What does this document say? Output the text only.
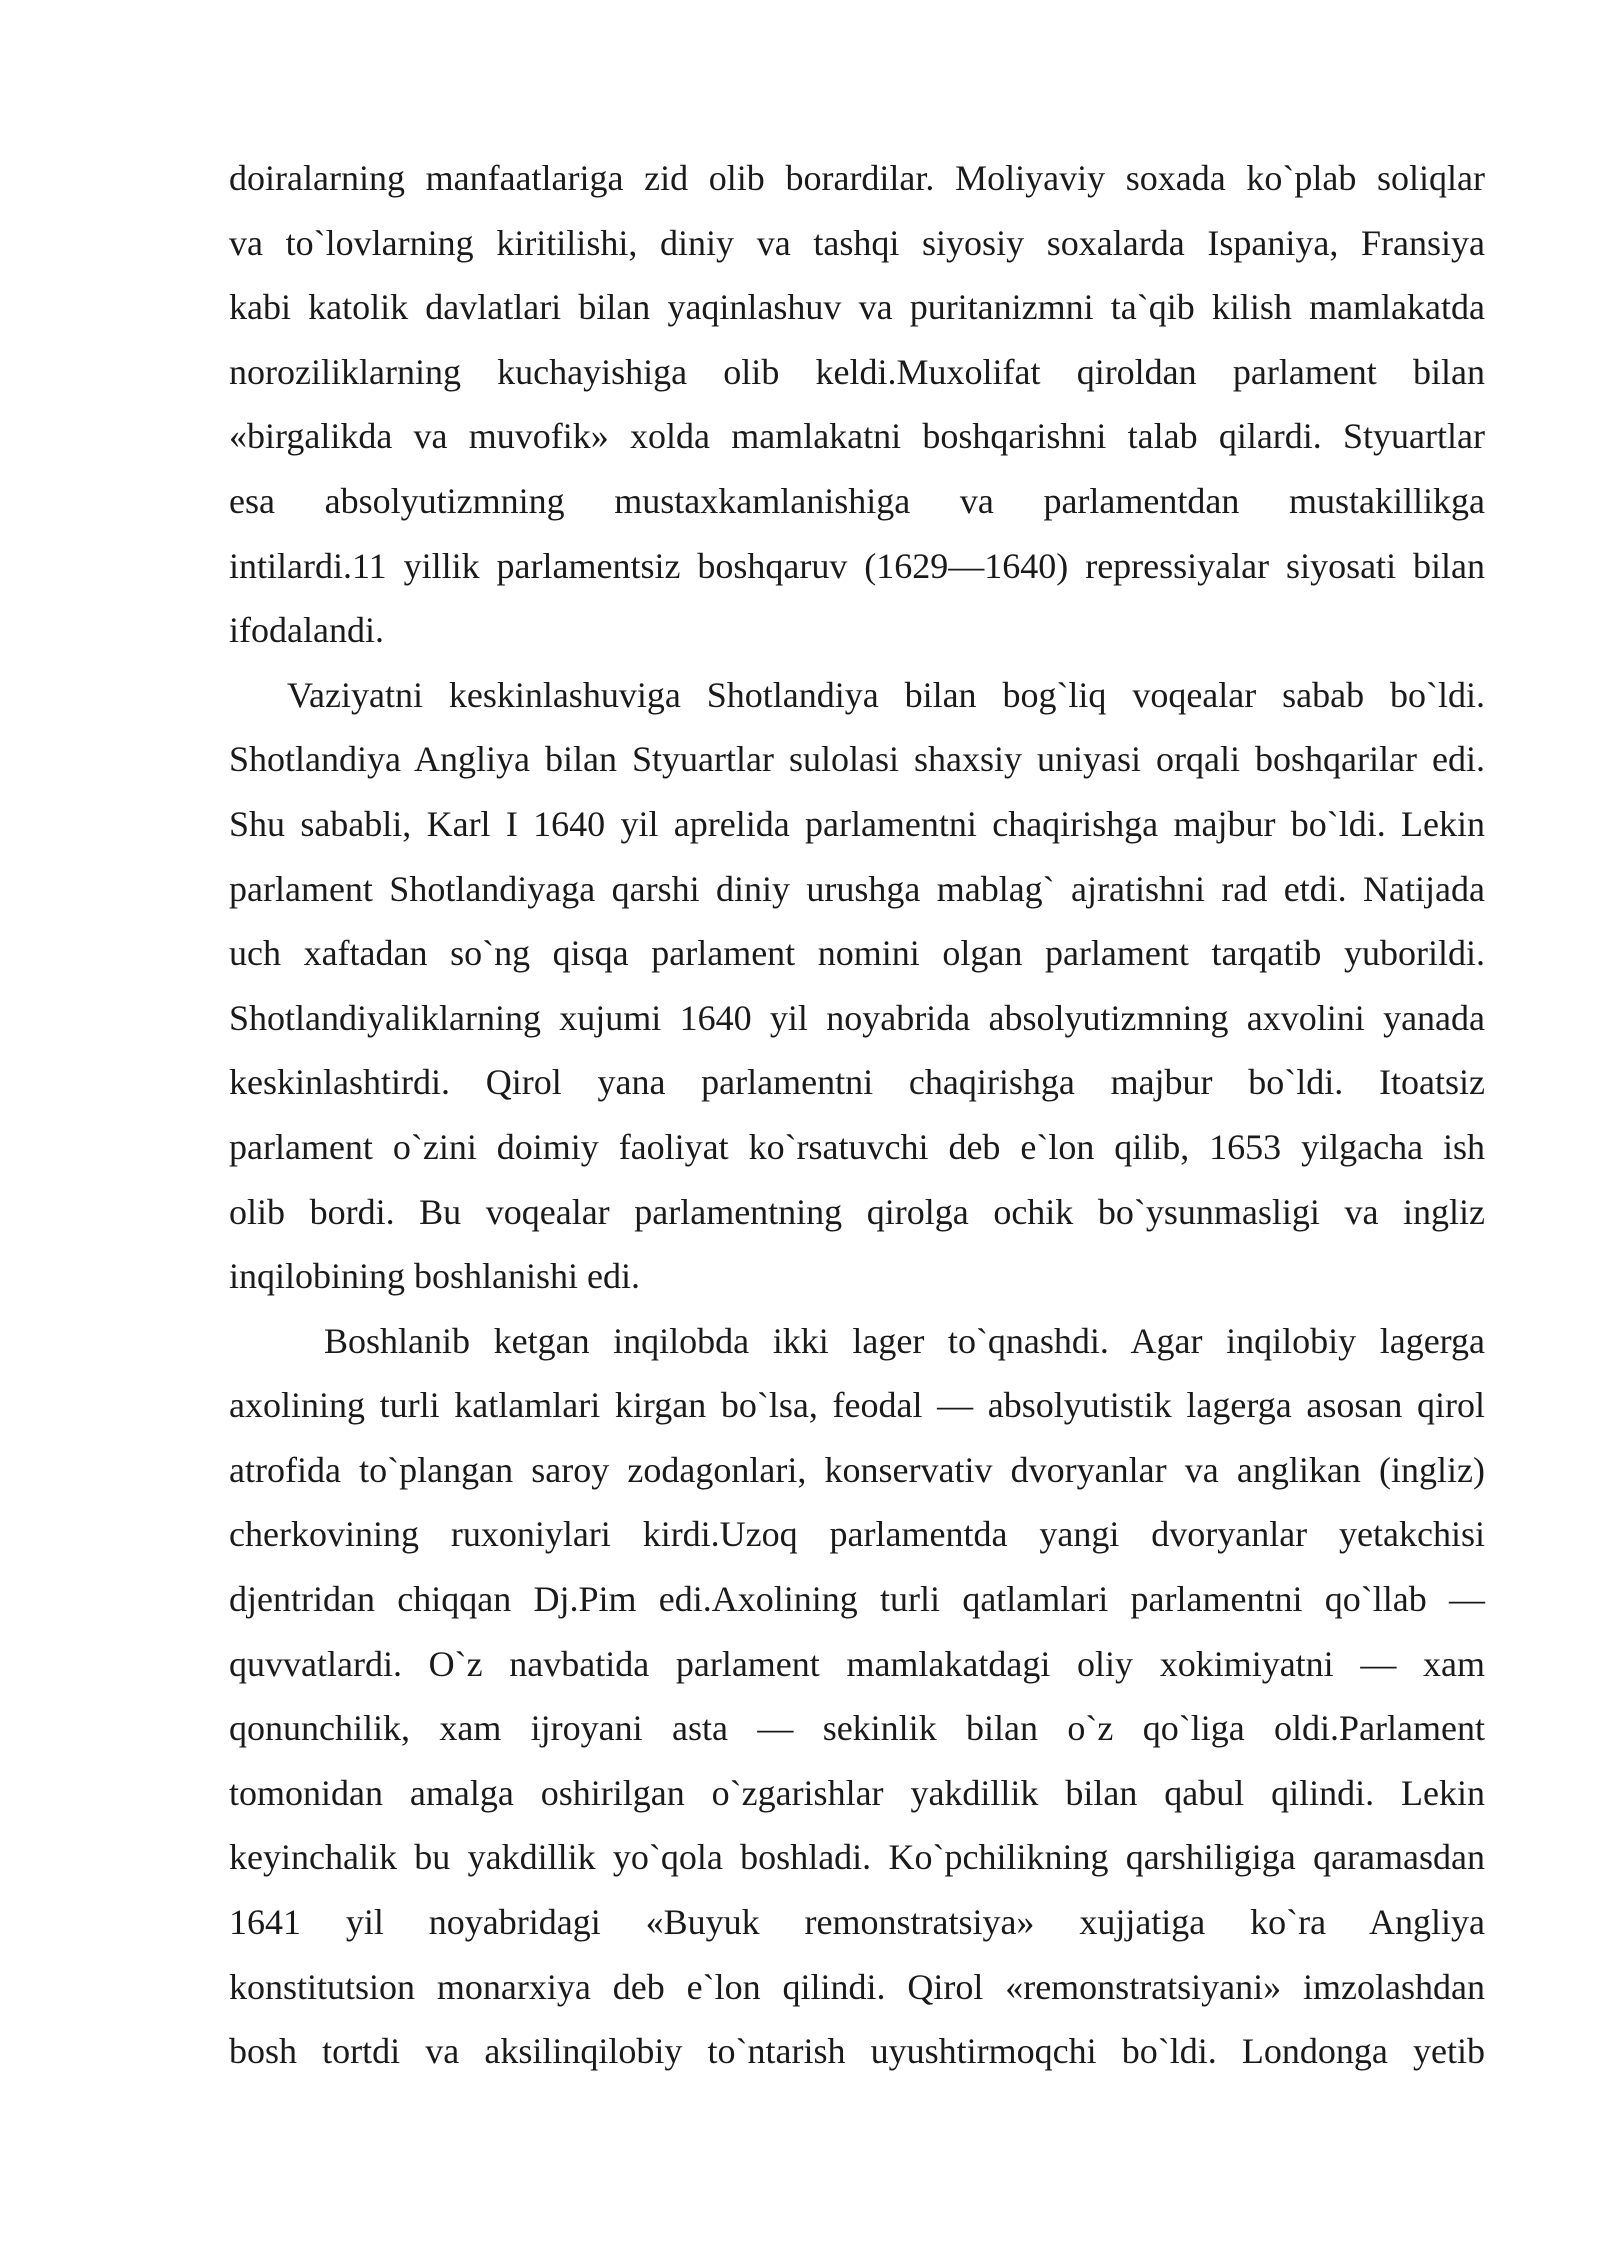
doiralarning manfaatlariga zid olib borardilar. Moliyaviy soxada ko`plab soliqlar
va to`lovlarning kiritilishi, diniy va tashqi siyosiy soxalarda Ispaniya, Fransiya
kabi katolik davlatlari bilan yaqinlashuv va puritanizmni ta`qib kilish mamlakatda
noroziliklarning kuchayishiga olib keldi.Muxolifat qiroldan parlament bilan
«birgalikda va muvofik» xolda mamlakatni boshqarishni talab qilardi. Styuartlar
esa absolyutizmning mustaxkamlanishiga va parlamentdan mustakillikga
intilardi.11 yillik parlamentsiz boshqaruv (1629—1640) repressiyalar siyosati bilan
ifodalandi.
Vaziyatni keskinlashuviga Shotlandiya bilan bog`liq voqealar sabab bo`ldi.
Shotlandiya Angliya bilan Styuartlar sulolasi shaxsiy uniyasi orqali boshqarilar edi.
Shu sababli, Karl I 1640 yil aprelida parlamentni chaqirishga majbur bo`ldi. Lekin
parlament Shotlandiyaga qarshi diniy urushga mablag` ajratishni rad etdi. Natijada
uch xaftadan so`ng qisqa parlament nomini olgan parlament tarqatib yuborildi.
Shotlandiyaliklarning xujumi 1640 yil noyabrida absolyutizmning axvolini yanada
keskinlashtirdi. Qirol yana parlamentni chaqirishga majbur bo`ldi. Itoatsiz
parlament o`zini doimiy faoliyat ko`rsatuvchi deb e`lon qilib, 1653 yilgacha ish
olib bordi. Bu voqealar parlamentning qirolga ochik bo`ysunmasligi va ingliz
inqilobining boshlanishi edi.
Boshlanib ketgan inqilobda ikki lager to`qnashdi. Agar inqilobiy lagerga
axolining turli katlamlari kirgan bo`lsa, feodal — absolyutistik lagerga asosan qirol
atrofida to`plangan saroy zodagonlari, konservativ dvoryanlar va anglikan (ingliz)
cherkovining ruxoniylari kirdi.Uzoq parlamentda yangi dvoryanlar yetakchisi
djentridan chiqqan Dj.Pim edi.Axolining turli qatlamlari parlamentni qo`llab —
quvvatlardi. O`z navbatida parlament mamlakatdagi oliy xokimiyatni — xam
qonunchilik, xam ijroyani asta — sekinlik bilan o`z qo`liga oldi.Parlament
tomonidan amalga oshirilgan o`zgarishlar yakdillik bilan qabul qilindi. Lekin
keyinchalik bu yakdillik yo`qola boshladi. Ko`pchilikning qarshiligiga qaramasdan
1641 yil noyabridagi «Buyuk remonstratsiya» xujjatiga ko`ra Angliya
konstitutsion monarxiya deb e`lon qilindi. Qirol «remonstratsiyani» imzolashdan
bosh tortdi va aksilinqilobiy to`ntarish uyushtirmoqchi bo`ldi. Londonga yetib
